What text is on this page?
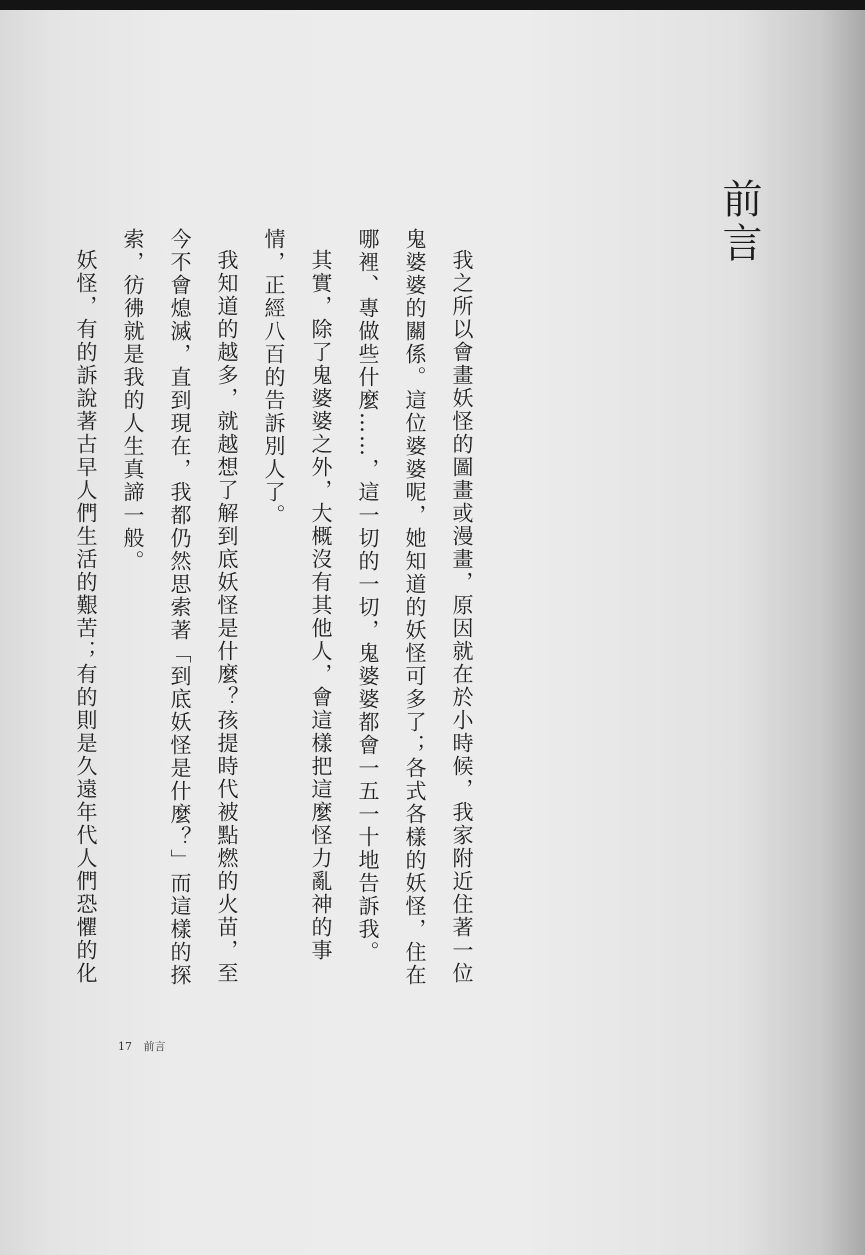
前言

我之所以會畫妖怪的圖畫或漫畫，原因就在於小時候，我家附近住著一位鬼婆婆的關係。這位婆婆呢，她知道的妖怪可多了；各式各樣的妖怪，住在哪裡、專做些什麼……，這一切的一切，鬼婆婆都會一五一十地告訴我。

其實，除了鬼婆婆之外，大概沒有其他人，會這樣把這麼怪力亂神的事情，正經八百的告訴別人了。

我知道的越多，就越想了解到底妖怪是什麼？孩提時代被點燃的火苗，至今不會熄滅，直到現在，我都仍然思索著「到底妖怪是什麼？」而這樣的探索，彷彿就是我的人生真諦一般。

妖怪，有的訴說著古早人們生活的艱苦；有的則是久遠年代人們恐懼的化

17 前言
